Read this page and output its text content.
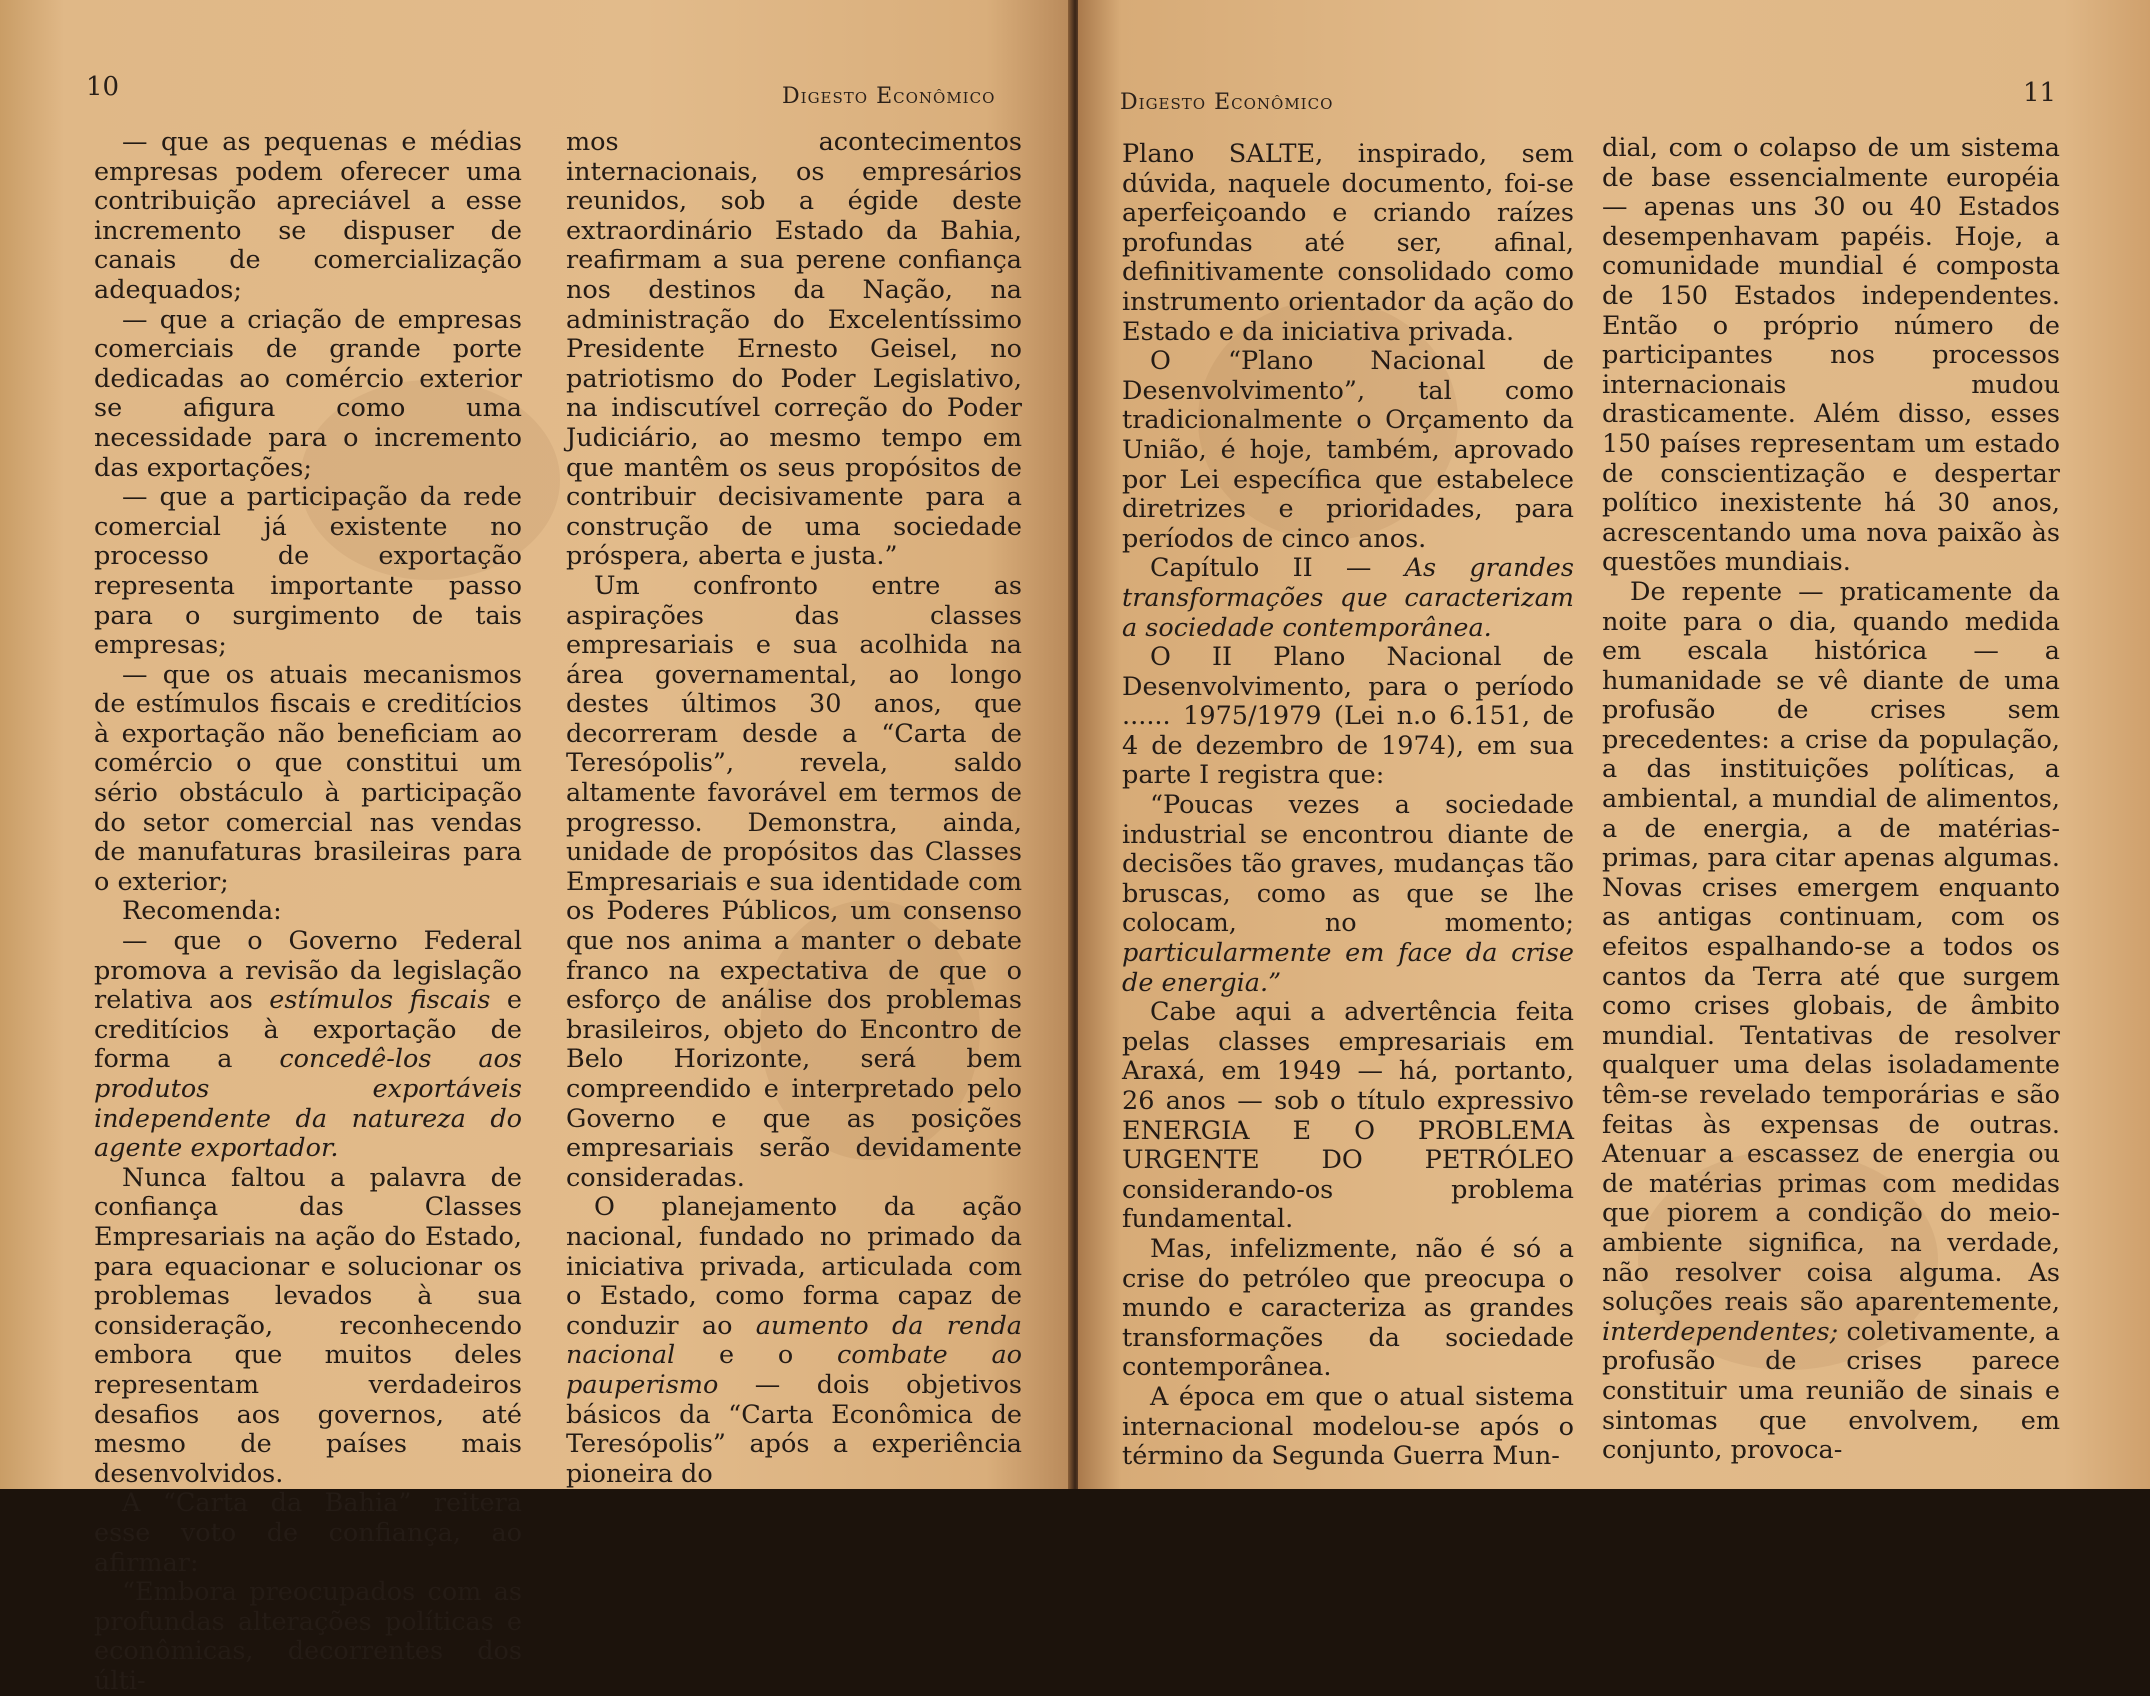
10	Digesto Econômico

— que as pequenas e médias empresas podem oferecer uma contribuição apreciável a esse incremento se dispuser de canais de comercialização adequados;

— que a criação de empresas comerciais de grande porte dedicadas ao comércio exterior se afigura como uma necessidade para o incremento das exportações;

— que a participação da rede comercial já existente no processo de exportação representa importante passo para o surgimento de tais empresas;

— que os atuais mecanismos de estímulos fiscais e creditícios à exportação não beneficiam ao comércio o que constitui um sério obstáculo à participação do setor comercial nas vendas de manufaturas brasileiras para o exterior;

Recomenda:

— que o Governo Federal promova a revisão da legislação relativa aos estímulos fiscais e creditícios à exportação de forma a concedê-los aos produtos exportáveis independente da natureza do agente exportador.

Nunca faltou a palavra de confiança das Classes Empresariais na ação do Estado, para equacionar e solucionar os problemas levados à sua consideração, reconhecendo embora que muitos deles representam verdadeiros desafios aos governos, até mesmo de países mais desenvolvidos.

A “Carta da Bahia” reitera esse voto de confiança, ao afirmar:

“Embora preocupados com as profundas alterações políticas e econômicas, decorrentes dos últi-

mos acontecimentos internacionais, os empresários reunidos, sob a égide deste extraordinário Estado da Bahia, reafirmam a sua perene confiança nos destinos da Nação, na administração do Excelentíssimo Presidente Ernesto Geisel, no patriotismo do Poder Legislativo, na indiscutível correção do Poder Judiciário, ao mesmo tempo em que mantêm os seus propósitos de contribuir decisivamente para a construção de uma sociedade próspera, aberta e justa.”

Um confronto entre as aspirações das classes empresariais e sua acolhida na área governamental, ao longo destes últimos 30 anos, que decorreram desde a “Carta de Teresópolis”, revela, saldo altamente favorável em termos de progresso. Demonstra, ainda, unidade de propósitos das Classes Empresariais e sua identidade com os Poderes Públicos, um consenso que nos anima a manter o debate franco na expectativa de que o esforço de análise dos problemas brasileiros, objeto do Encontro de Belo Horizonte, será bem compreendido e interpretado pelo Governo e que as posições empresariais serão devidamente consideradas.

O planejamento da ação nacional, fundado no primado da iniciativa privada, articulada com o Estado, como forma capaz de conduzir ao aumento da renda nacional e o combate ao pauperismo — dois objetivos básicos da “Carta Econômica de Teresópolis” após a experiência pioneira do

Digesto Econômico	11

Plano SALTE, inspirado, sem dúvida, naquele documento, foi-se aperfeiçoando e criando raízes profundas até ser, afinal, definitivamente consolidado como instrumento orientador da ação do Estado e da iniciativa privada.

O “Plano Nacional de Desenvolvimento”, tal como tradicionalmente o Orçamento da União, é hoje, também, aprovado por Lei específica que estabelece diretrizes e prioridades, para períodos de cinco anos.

Capítulo II — As grandes transformações que caracterizam a sociedade contemporânea.

O II Plano Nacional de Desenvolvimento, para o período ...... 1975/1979 (Lei n.o 6.151, de 4 de dezembro de 1974), em sua parte I registra que:

“Poucas vezes a sociedade industrial se encontrou diante de decisões tão graves, mudanças tão bruscas, como as que se lhe colocam, no momento; particularmente em face da crise de energia.”

Cabe aqui a advertência feita pelas classes empresariais em Araxá, em 1949 — há, portanto, 26 anos — sob o título expressivo ENERGIA E O PROBLEMA URGENTE DO PETRÓLEO considerando-os problema fundamental.

Mas, infelizmente, não é só a crise do petróleo que preocupa o mundo e caracteriza as grandes transformações da sociedade contemporânea.

A época em que o atual sistema internacional modelou-se após o término da Segunda Guerra Mun-

dial, com o colapso de um sistema de base essencialmente européia — apenas uns 30 ou 40 Estados desempenhavam papéis. Hoje, a comunidade mundial é composta de 150 Estados independentes. Então o próprio número de participantes nos processos internacionais mudou drasticamente. Além disso, esses 150 países representam um estado de conscientização e despertar político inexistente há 30 anos, acrescentando uma nova paixão às questões mundiais.

De repente — praticamente da noite para o dia, quando medida em escala histórica — a humanidade se vê diante de uma profusão de crises sem precedentes: a crise da população, a das instituições políticas, a ambiental, a mundial de alimentos, a de energia, a de matérias-primas, para citar apenas algumas. Novas crises emergem enquanto as antigas continuam, com os efeitos espalhando-se a todos os cantos da Terra até que surgem como crises globais, de âmbito mundial. Tentativas de resolver qualquer uma delas isoladamente têm-se revelado temporárias e são feitas às expensas de outras. Atenuar a escassez de energia ou de matérias primas com medidas que piorem a condição do meio-ambiente significa, na verdade, não resolver coisa alguma. As soluções reais são aparentemente, interdependentes; coletivamente, a profusão de crises parece constituir uma reunião de sinais e sintomas que envolvem, em conjunto, provoca-
